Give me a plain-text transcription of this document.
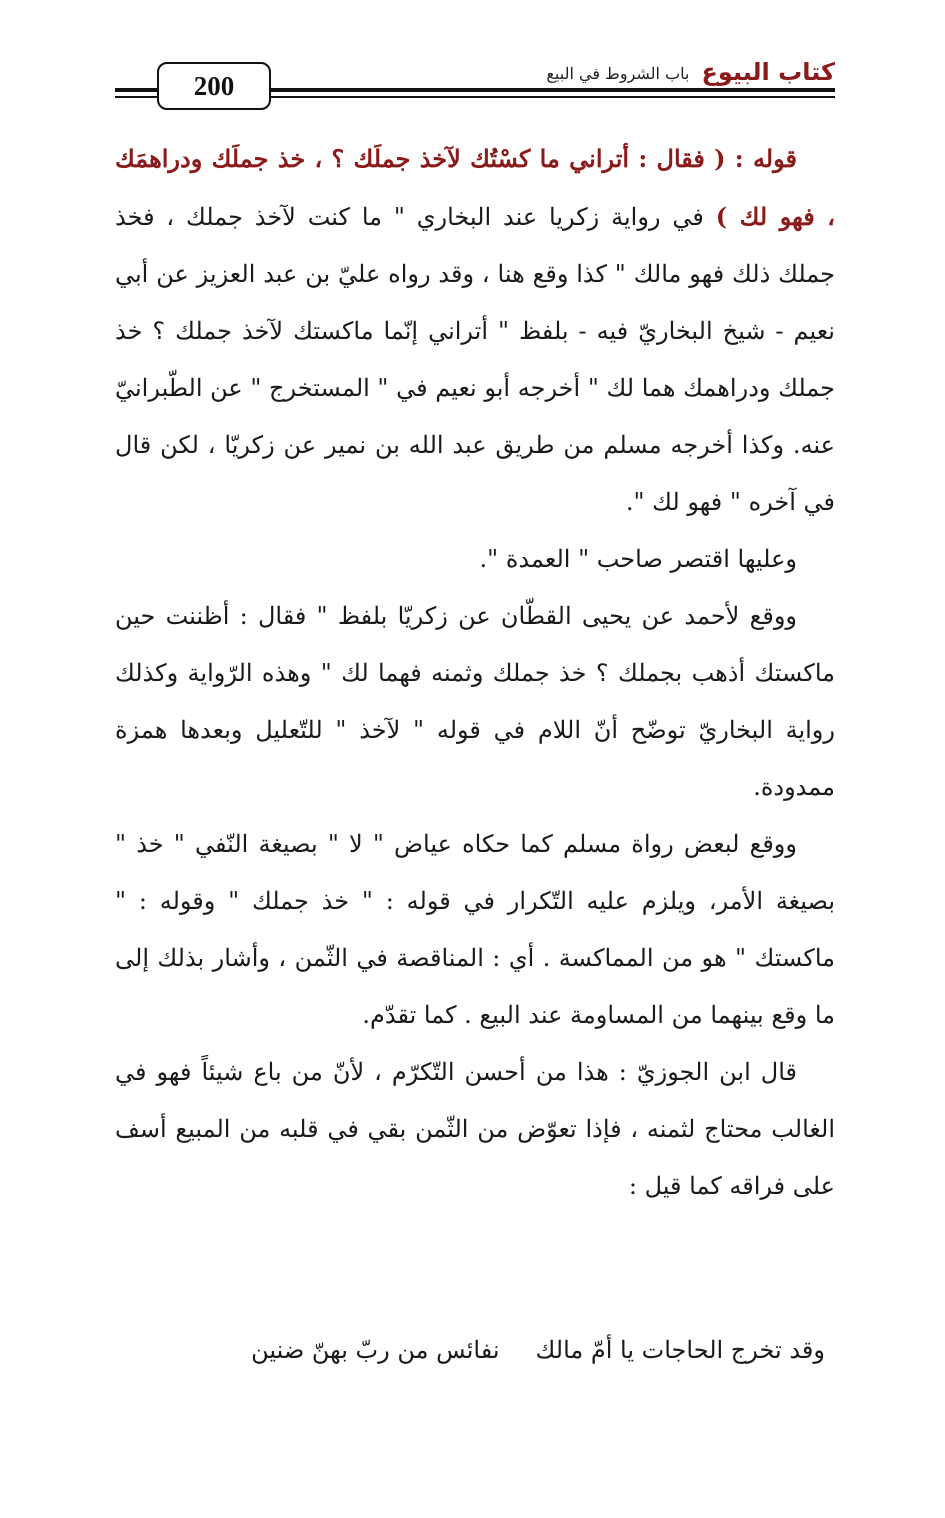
200	كتاب البيوع
باب الشروط في البيع

قوله : ( فقال : أتراني ما كسْتُك لآخذ جملَك ؟ ، خذ جملَك ودراهمَك ، فهو لك ) في رواية زكريا عند البخاري " ما كنت لآخذ جملك ، فخذ جملك ذلك فهو مالك " كذا وقع هنا ، وقد رواه عليّ بن عبد العزيز عن أبي نعيم - شيخ البخاريّ فيه - بلفظ " أتراني إنّما ماكستك لآخذ جملك ؟ خذ جملك ودراهمك هما لك " أخرجه أبو نعيم في " المستخرج " عن الطّبرانيّ عنه. وكذا أخرجه مسلم من طريق عبد الله بن نمير عن زكريّا ، لكن قال في آخره " فهو لك ".

وعليها اقتصر صاحب " العمدة ".

ووقع لأحمد عن يحيى القطّان عن زكريّا بلفظ " فقال : أظننت حين ماكستك أذهب بجملك ؟ خذ جملك وثمنه فهما لك " وهذه الرّواية وكذلك رواية البخاريّ توضّح أنّ اللام في قوله " لآخذ " للتّعليل وبعدها همزة ممدودة.

ووقع لبعض رواة مسلم كما حكاه عياض " لا " بصيغة النّفي " خذ " بصيغة الأمر، ويلزم عليه التّكرار في قوله : " خذ جملك " وقوله : " ماكستك " هو من المماكسة . أي : المناقصة في الثّمن ، وأشار بذلك إلى ما وقع بينهما من المساومة عند البيع . كما تقدّم.

قال ابن الجوزيّ : هذا من أحسن التّكرّم ، لأنّ من باع شيئاً فهو في الغالب محتاج لثمنه ، فإذا تعوّض من الثّمن بقي في قلبه من المبيع أسف على فراقه كما قيل :

وقد تخرج الحاجات يا أمّ مالك
نفائس من ربّ بهنّ ضنين
